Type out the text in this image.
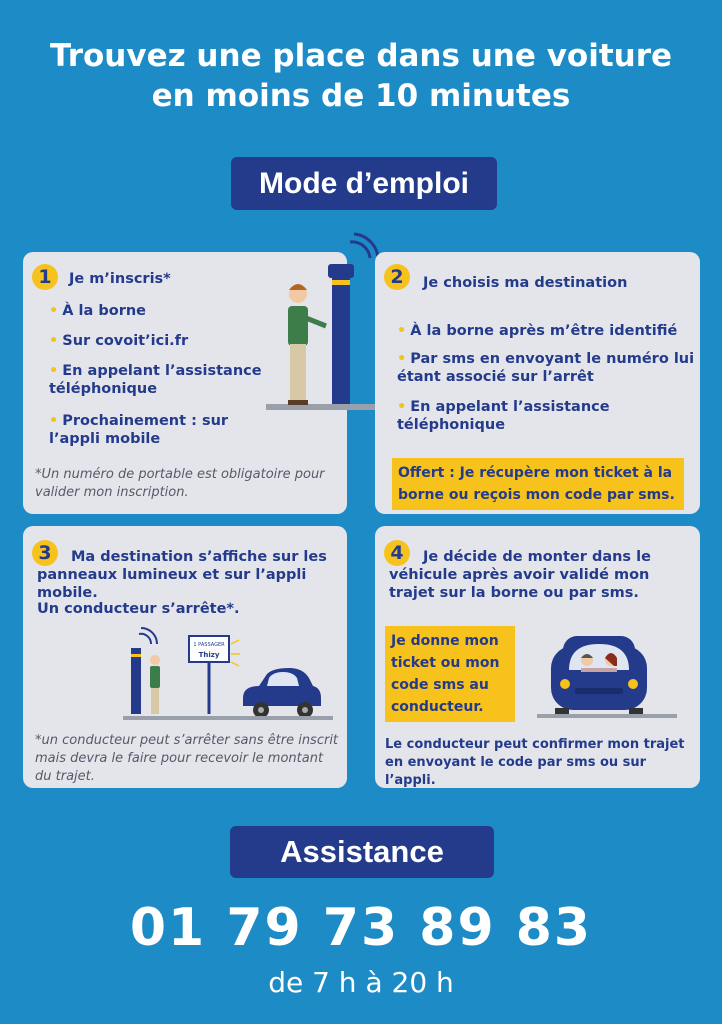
Trouvez une place dans une voiture
en moins de 10 minutes
Mode d’emploi
1	Je m’inscris*
• À la borne
• Sur covoit’ici.fr
• En appelant l’assistance téléphonique
• Prochainement : sur l’appli mobile
*Un numéro de portable est obligatoire pour valider mon inscription.
2	Je choisis ma destination
• À la borne après m’être identifié
• Par sms en envoyant le numéro lui étant associé sur l’arrêt
• En appelant l’assistance téléphonique
Offert : Je récupère mon ticket à la borne ou reçois mon code par sms.
3	Ma destination s’affiche sur les panneaux lumineux et sur l’appli mobile.
Un conducteur s’arrête*.
1 PASSAGER
Thizy
*un conducteur peut s’arrêter sans être inscrit mais devra le faire pour recevoir le montant du trajet.
4	Je décide de monter dans le véhicule après avoir validé mon trajet sur la borne ou par sms.
Je donne mon ticket ou mon code sms au conducteur.
Le conducteur peut confirmer mon trajet en envoyant le code par sms ou sur l’appli.
Assistance
01 79 73 89 83
de 7 h à 20 h
